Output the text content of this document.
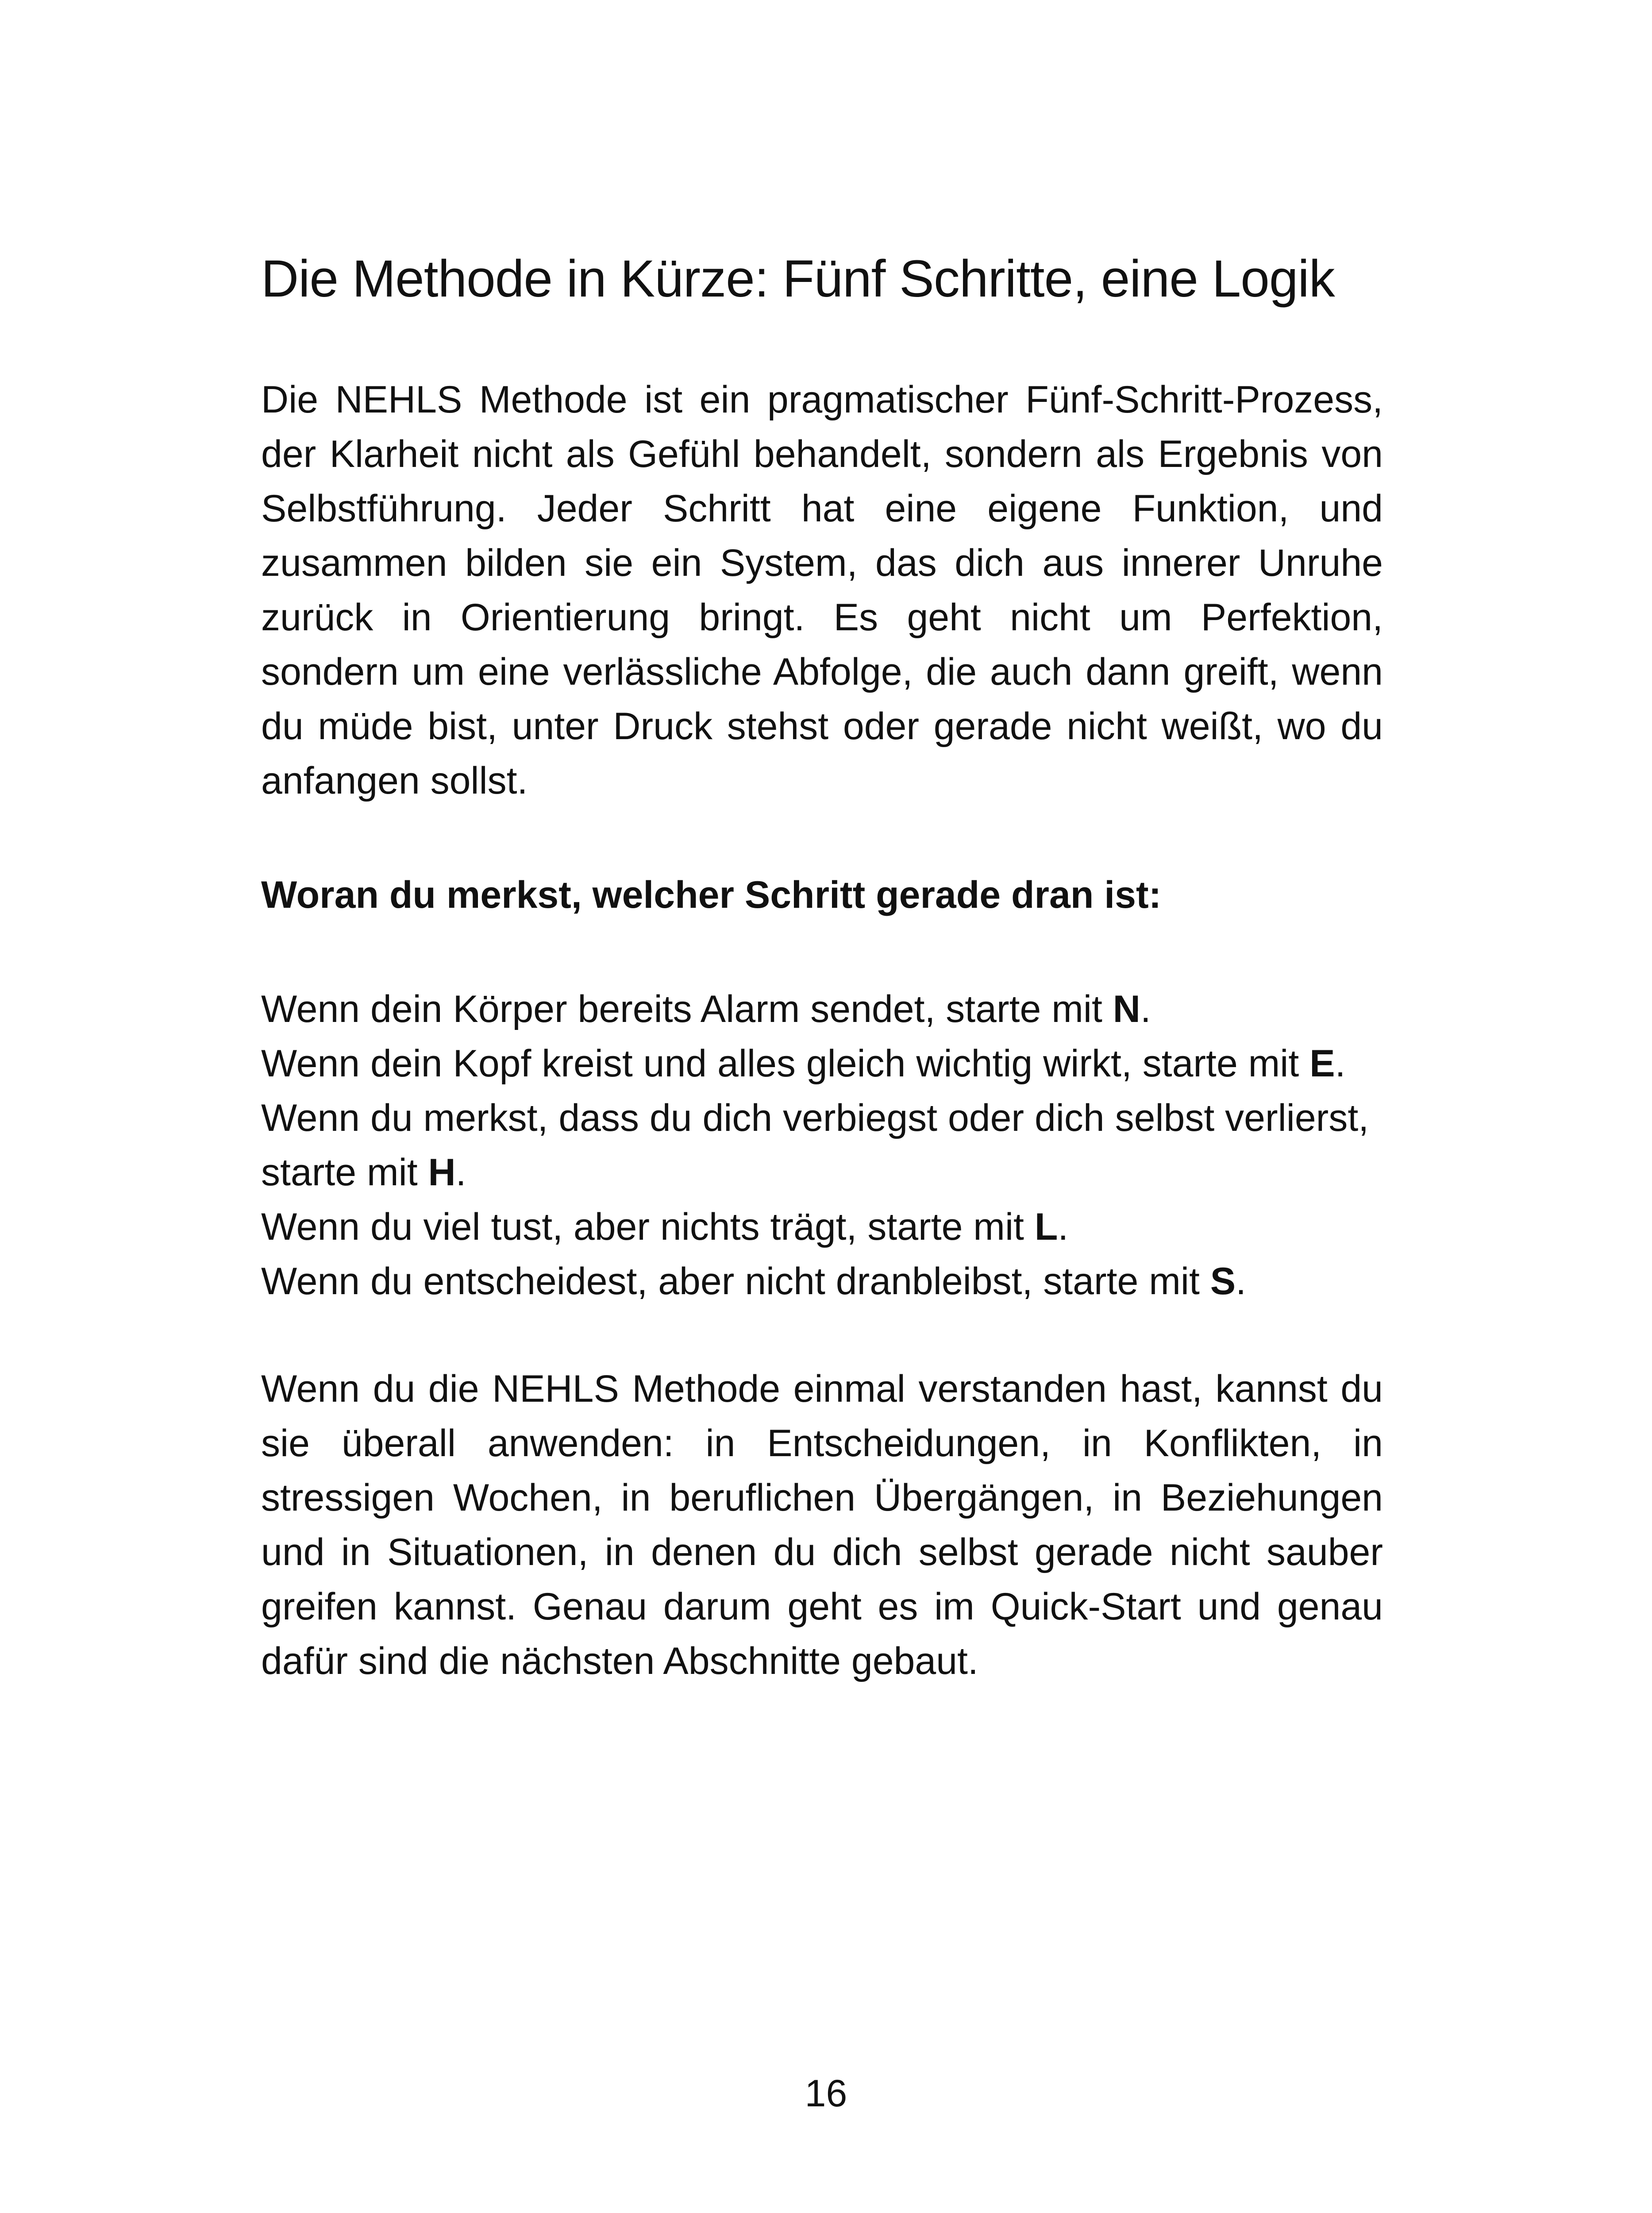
Die Methode in Kürze: Fünf Schritte, eine Logik

Die NEHLS Methode ist ein pragmatischer Fünf-Schritt-Prozess, der Klarheit nicht als Gefühl behandelt, sondern als Ergebnis von Selbstführung. Jeder Schritt hat eine eigene Funktion, und zusammen bilden sie ein System, das dich aus innerer Unruhe zurück in Orientierung bringt. Es geht nicht um Perfektion, sondern um eine verlässliche Abfolge, die auch dann greift, wenn du müde bist, unter Druck stehst oder gerade nicht weißt, wo du anfangen sollst.

Woran du merkst, welcher Schritt gerade dran ist:

Wenn dein Körper bereits Alarm sendet, starte mit N.
Wenn dein Kopf kreist und alles gleich wichtig wirkt, starte mit E.
Wenn du merkst, dass du dich verbiegst oder dich selbst verlierst, starte mit H.
Wenn du viel tust, aber nichts trägt, starte mit L.
Wenn du entscheidest, aber nicht dranbleibst, starte mit S.

Wenn du die NEHLS Methode einmal verstanden hast, kannst du sie überall anwenden: in Entscheidungen, in Konflikten, in stressigen Wochen, in beruflichen Übergängen, in Beziehungen und in Situationen, in denen du dich selbst gerade nicht sauber greifen kannst. Genau darum geht es im Quick-Start und genau dafür sind die nächsten Abschnitte gebaut.

16
